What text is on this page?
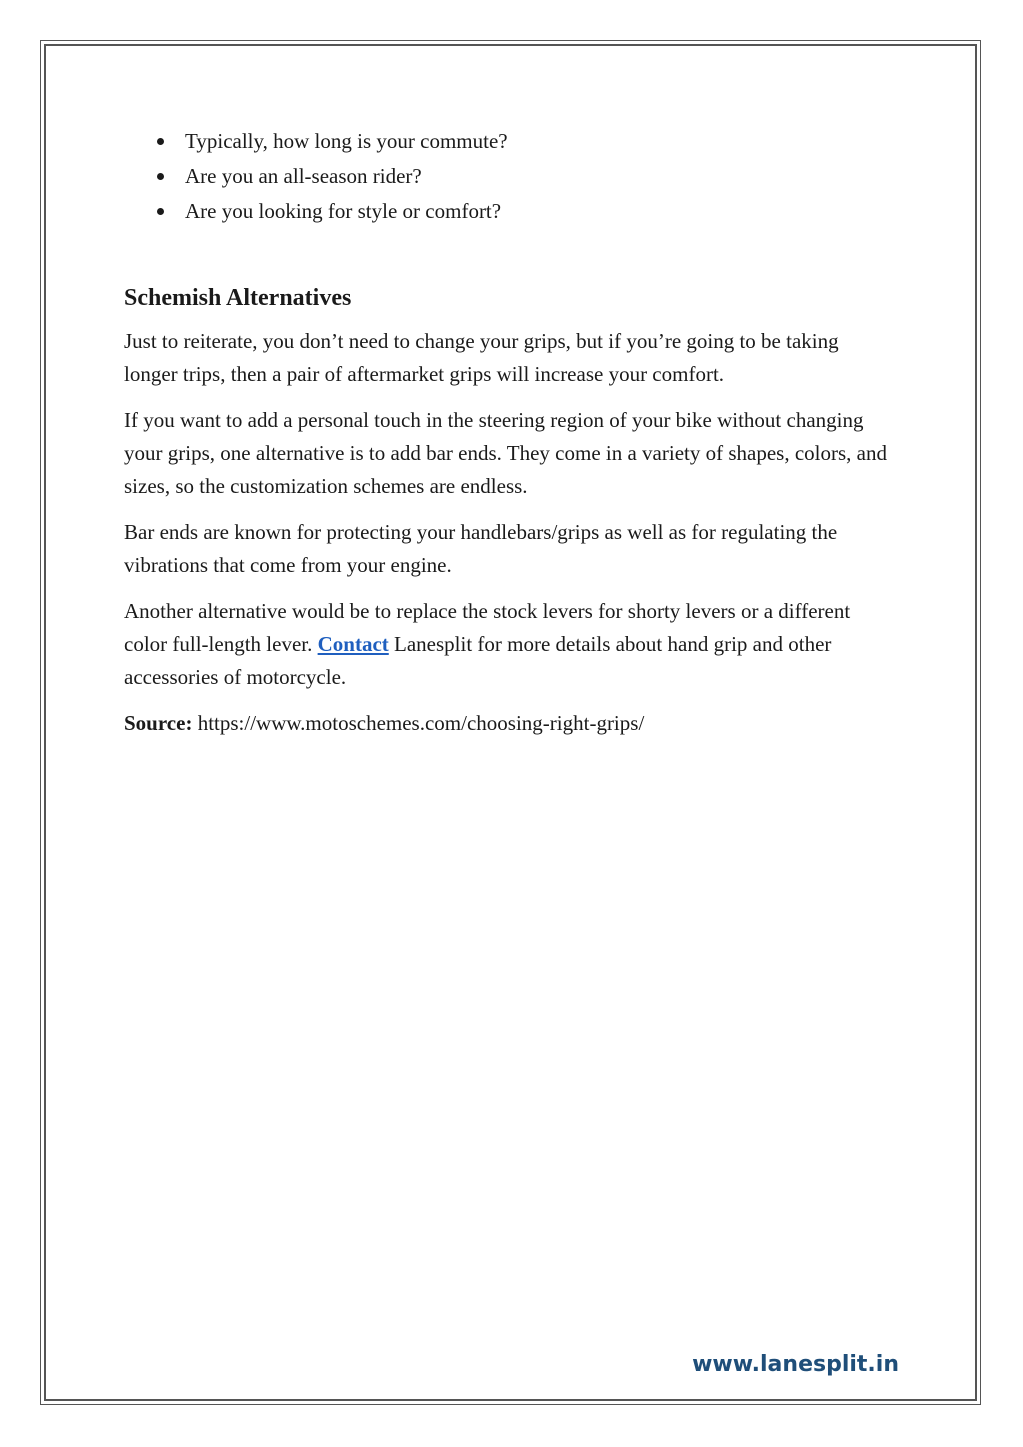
Typically, how long is your commute?
Are you an all-season rider?
Are you looking for style or comfort?
Schemish Alternatives

Just to reiterate, you don’t need to change your grips, but if you’re going to be taking longer trips, then a pair of aftermarket grips will increase your comfort.

If you want to add a personal touch in the steering region of your bike without changing your grips, one alternative is to add bar ends. They come in a variety of shapes, colors, and sizes, so the customization schemes are endless.

Bar ends are known for protecting your handlebars/grips as well as for regulating the vibrations that come from your engine.

Another alternative would be to replace the stock levers for shorty levers or a different color full-length lever. Contact Lanesplit for more details about hand grip and other accessories of motorcycle.

Source: https://www.motoschemes.com/choosing-right-grips/

www.lanesplit.in
